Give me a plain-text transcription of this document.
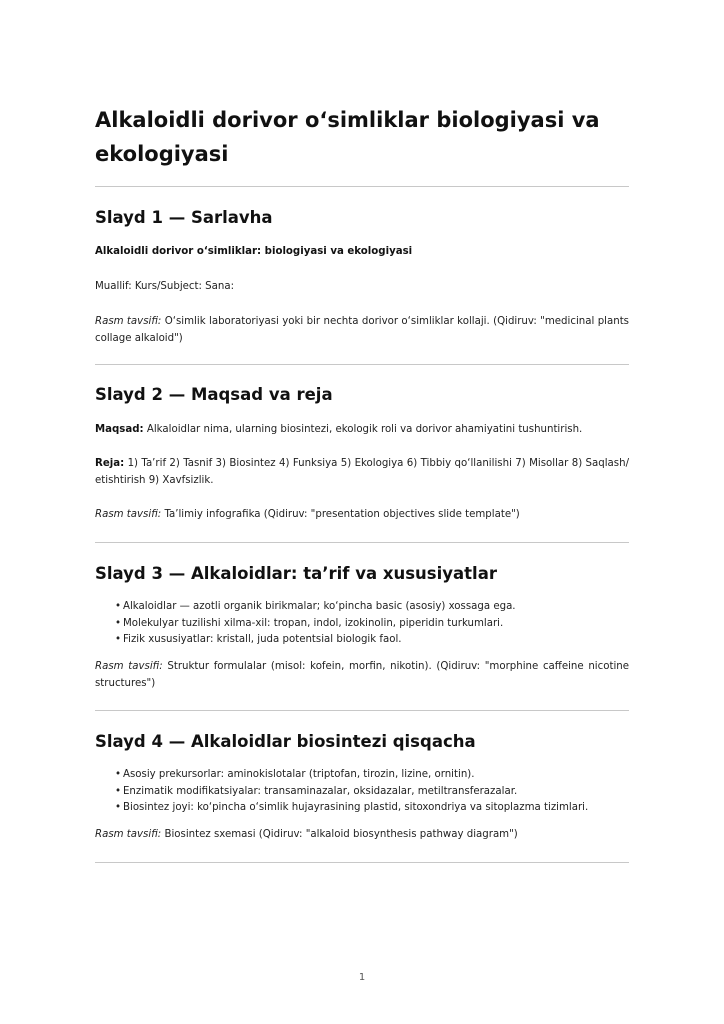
Alkaloidli dorivor o‘simliklar biologiyasi va ekologiyasi
Slayd 1 — Sarlavha

Alkaloidli dorivor o‘simliklar: biologiyasi va ekologiyasi

Muallif: Kurs/Subject: Sana:

Rasm tavsifi: O‘simlik laboratoriyasi yoki bir nechta dorivor o‘simliklar kollaji. (Qidiruv: "medicinal plants collage alkaloid")

Slayd 2 — Maqsad va reja

Maqsad: Alkaloidlar nima, ularning biosintezi, ekologik roli va dorivor ahamiyatini tushuntirish.

Reja: 1) Ta’rif 2) Tasnif 3) Biosintez 4) Funksiya 5) Ekologiya 6) Tibbiy qo‘llanilishi 7) Misollar 8) Saqlash/ etishtirish 9) Xavfsizlik.

Rasm tavsifi: Ta’limiy infografika (Qidiruv: "presentation objectives slide template")

Slayd 3 — Alkaloidlar: ta’rif va xususiyatlar
• Alkaloidlar — azotli organik birikmalar; ko‘pincha basic (asosiy) xossaga ega.
• Molekulyar tuzilishi xilma-xil: tropan, indol, izokinolin, piperidin turkumlari.
• Fizik xususiyatlar: kristall, juda potentsial biologik faol.

Rasm tavsifi: Struktur formulalar (misol: kofein, morfin, nikotin). (Qidiruv: "morphine caffeine nicotine structures")

Slayd 4 — Alkaloidlar biosintezi qisqacha
• Asosiy prekursorlar: aminokislotalar (triptofan, tirozin, lizine, ornitin).
• Enzimatik modifikatsiyalar: transaminazalar, oksidazalar, metiltransferazalar.
• Biosintez joyi: ko‘pincha o‘simlik hujayrasining plastid, sitoxondriya va sitoplazma tizimlari.

Rasm tavsifi: Biosintez sxemasi (Qidiruv: "alkaloid biosynthesis pathway diagram")

1
